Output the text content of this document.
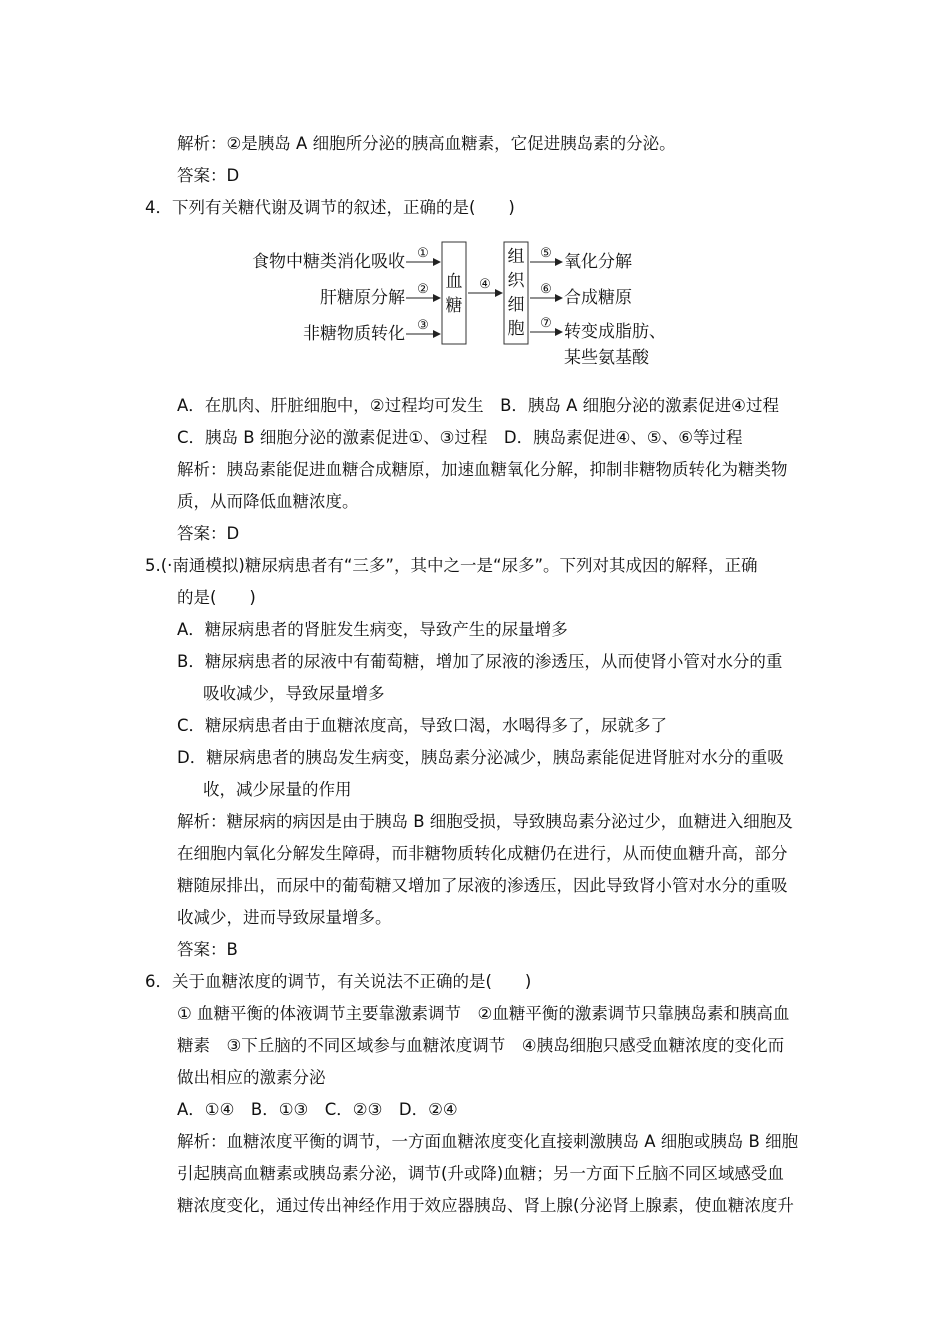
解析：②是胰岛 A 细胞所分泌的胰高血糖素，它促进胰岛素的分泌。
答案：D
4．下列有关糖代谢及调节的叙述，正确的是(　　)
食物中糖类消化吸收
肝糖原分解
非糖物质转化
①
②
③
血
糖
④
组
织
细
胞
⑤
⑥
⑦
氧化分解
合成糖原
转变成脂肪、
某些氨基酸
A．在肌肉、肝脏细胞中，②过程均可发生　B．胰岛 A 细胞分泌的激素促进④过程
C．胰岛 B 细胞分泌的激素促进①、③过程　D．胰岛素促进④、⑤、⑥等过程
解析：胰岛素能促进血糖合成糖原，加速血糖氧化分解，抑制非糖物质转化为糖类物
质，从而降低血糖浓度。
答案：D
5.(·南通模拟)糖尿病患者有“三多”，其中之一是“尿多”。下列对其成因的解释，正确
的是(　　)
A．糖尿病患者的肾脏发生病变，导致产生的尿量增多
B．糖尿病患者的尿液中有葡萄糖，增加了尿液的渗透压，从而使肾小管对水分的重
吸收减少，导致尿量增多
C．糖尿病患者由于血糖浓度高，导致口渴，水喝得多了，尿就多了
D．糖尿病患者的胰岛发生病变，胰岛素分泌减少，胰岛素能促进肾脏对水分的重吸
收，减少尿量的作用
解析：糖尿病的病因是由于胰岛 B 细胞受损，导致胰岛素分泌过少，血糖进入细胞及
在细胞内氧化分解发生障碍，而非糖物质转化成糖仍在进行，从而使血糖升高，部分
糖随尿排出，而尿中的葡萄糖又增加了尿液的渗透压，因此导致肾小管对水分的重吸
收减少，进而导致尿量增多。
答案：B
6．关于血糖浓度的调节，有关说法不正确的是(　　)
① 血糖平衡的体液调节主要靠激素调节　②血糖平衡的激素调节只靠胰岛素和胰高血
糖素　③下丘脑的不同区域参与血糖浓度调节　④胰岛细胞只感受血糖浓度的变化而
做出相应的激素分泌
A．①④　B．①③　C．②③　D．②④
解析：血糖浓度平衡的调节，一方面血糖浓度变化直接刺激胰岛 A 细胞或胰岛 B 细胞
引起胰高血糖素或胰岛素分泌，调节(升或降)血糖；另一方面下丘脑不同区域感受血
糖浓度变化，通过传出神经作用于效应器胰岛、肾上腺(分泌肾上腺素，使血糖浓度升
